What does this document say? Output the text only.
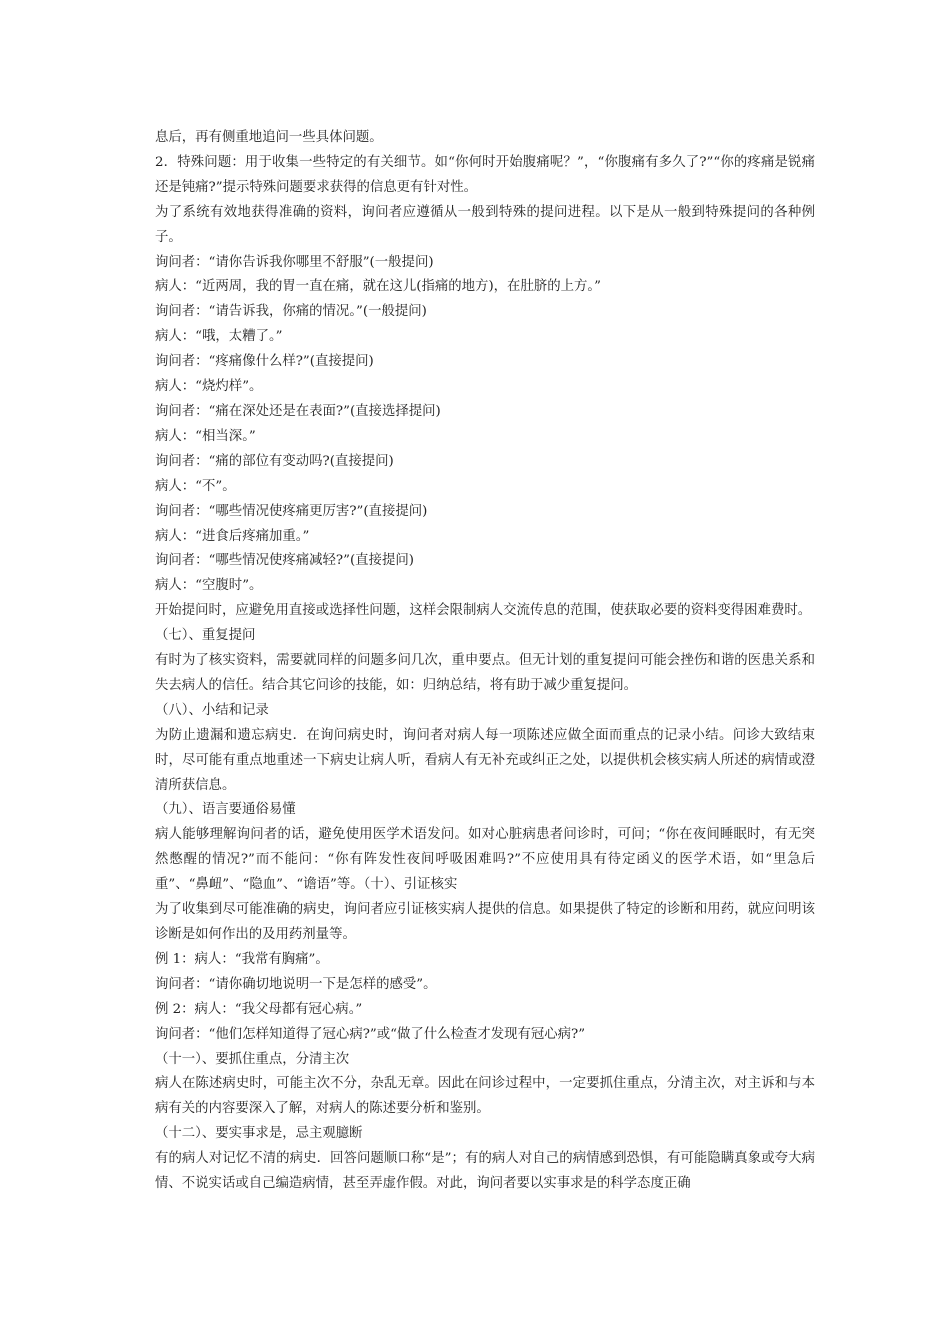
息后，再有侧重地追问一些具体问题。

2．特殊问题：用于收集一些特定的有关细节。如“你何时开始腹痛呢？”，“你腹痛有多久了?”“你的疼痛是锐痛还是钝痛?”提示特殊问题要求获得的信息更有针对性。

为了系统有效地获得准确的资料，询问者应遵循从一般到特殊的提问进程。以下是从一般到特殊提问的各种例子。

询问者：“请你告诉我你哪里不舒服”(一般提问)

病人：“近两周，我的胃一直在痛，就在这儿(指痛的地方)，在肚脐的上方。”

询问者：“请告诉我，你痛的情况。”(一般提问)

病人：“哦，太糟了。”

询问者：“疼痛像什么样?”(直接提问)

病人：“烧灼样”。

询问者：“痛在深处还是在表面?”(直接选择提问)

病人：“相当深。”

询问者：“痛的部位有变动吗?(直接提问)

病人：“不”。

询问者：“哪些情况使疼痛更厉害?”(直接提问)

病人：“进食后疼痛加重。”

询问者：“哪些情况使疼痛减轻?”(直接提问)

病人：“空腹时”。

开始提问时，应避免用直接或选择性问题，这样会限制病人交流传息的范围，使获取必要的资料变得困难费时。

（七）、重复提问

有时为了核实资料，需要就同样的问题多问几次，重申要点。但无计划的重复提问可能会挫伤和谐的医患关系和失去病人的信任。结合其它问诊的技能，如：归纳总结，将有助于减少重复提问。

（八）、小结和记录

为防止遗漏和遗忘病史．在询问病史时，询问者对病人每一项陈述应做全面而重点的记录小结。问诊大致结束时，尽可能有重点地重述一下病史让病人听，看病人有无补充或纠正之处，以提供机会核实病人所述的病情或澄清所获信息。

（九）、语言要通俗易懂

病人能够理解询问者的话，避免使用医学术语发问。如对心脏病患者问诊时，可问；“你在夜间睡眠时，有无突然憋醒的情况?”而不能问：“你有阵发性夜间呼吸困难吗?”不应使用具有待定函义的医学术语，如“里急后重”、“鼻衄”、“隐血”、“谵语”等。（十）、引证核实

为了收集到尽可能准确的病史，询问者应引证核实病人提供的信息。如果提供了特定的诊断和用药，就应问明该诊断是如何作出的及用药剂量等。

例 1：病人：“我常有胸痛”。

询问者：“请你确切地说明一下是怎样的感受”。

例 2：病人：“我父母都有冠心病。”

询问者：“他们怎样知道得了冠心病?”或“做了什么检查才发现有冠心病?”

（十一）、要抓住重点，分清主次

病人在陈述病史时，可能主次不分，杂乱无章。因此在问诊过程中，一定要抓住重点，分清主次，对主诉和与本病有关的内容要深入了解，对病人的陈述要分析和鉴别。

（十二）、要实事求是，忌主观臆断

有的病人对记忆不清的病史．回答问题顺口称“是”；有的病人对自己的病情感到恐惧，有可能隐瞒真象或夸大病情、不说实话或自己编造病情，甚至弄虚作假。对此，询问者要以实事求是的科学态度正确
